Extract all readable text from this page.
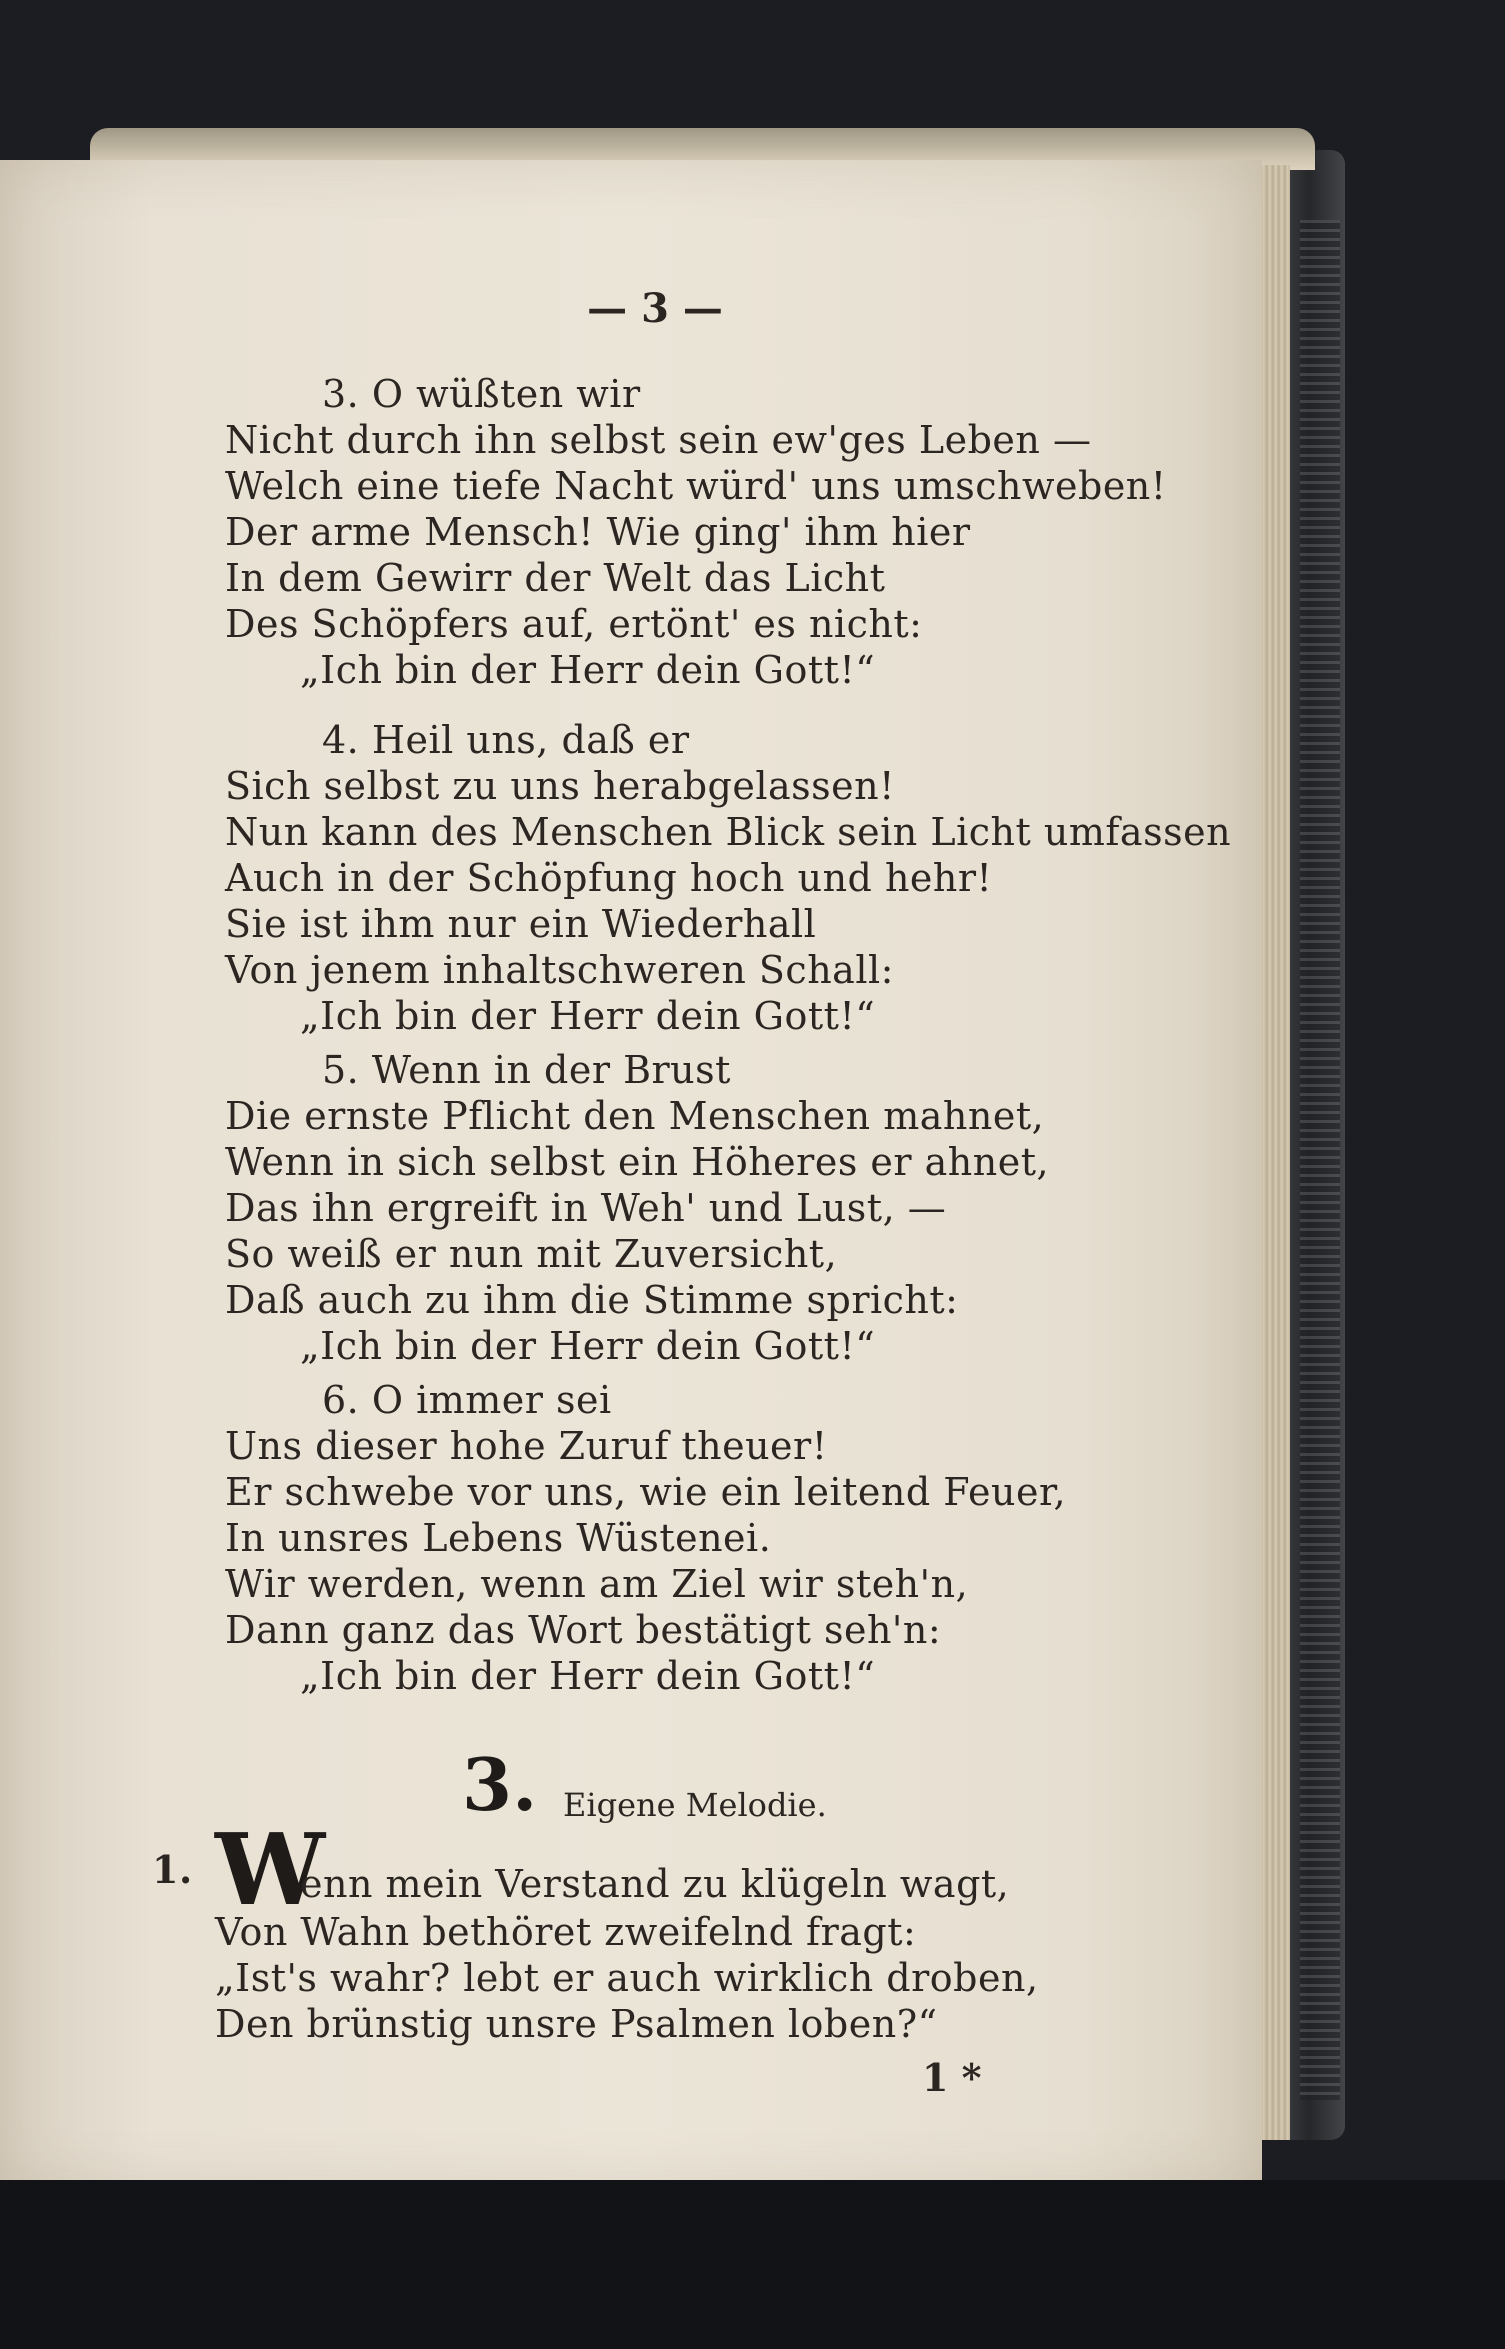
— 3 —
3. O wüßten wir
Nicht durch ihn selbst sein ew'ges Leben —
Welch eine tiefe Nacht würd' uns umschweben!
Der arme Mensch! Wie ging' ihm hier
In dem Gewirr der Welt das Licht
Des Schöpfers auf, ertönt' es nicht:
„Ich bin der Herr dein Gott!“
4. Heil uns, daß er
Sich selbst zu uns herabgelassen!
Nun kann des Menschen Blick sein Licht umfassen
Auch in der Schöpfung hoch und hehr!
Sie ist ihm nur ein Wiederhall
Von jenem inhaltschweren Schall:
„Ich bin der Herr dein Gott!“
5. Wenn in der Brust
Die ernste Pflicht den Menschen mahnet,
Wenn in sich selbst ein Höheres er ahnet,
Das ihn ergreift in Weh' und Lust, —
So weiß er nun mit Zuversicht,
Daß auch zu ihm die Stimme spricht:
„Ich bin der Herr dein Gott!“
6. O immer sei
Uns dieser hohe Zuruf theuer!
Er schwebe vor uns, wie ein leitend Feuer,
In unsres Lebens Wüstenei.
Wir werden, wenn am Ziel wir steh'n,
Dann ganz das Wort bestätigt seh'n:
„Ich bin der Herr dein Gott!“
3. Eigene Melodie.
1. W
enn mein Verstand zu klügeln wagt,
Von Wahn bethöret zweifelnd fragt:
„Ist's wahr? lebt er auch wirklich droben,
Den brünstig unsre Psalmen loben?“
1 *
